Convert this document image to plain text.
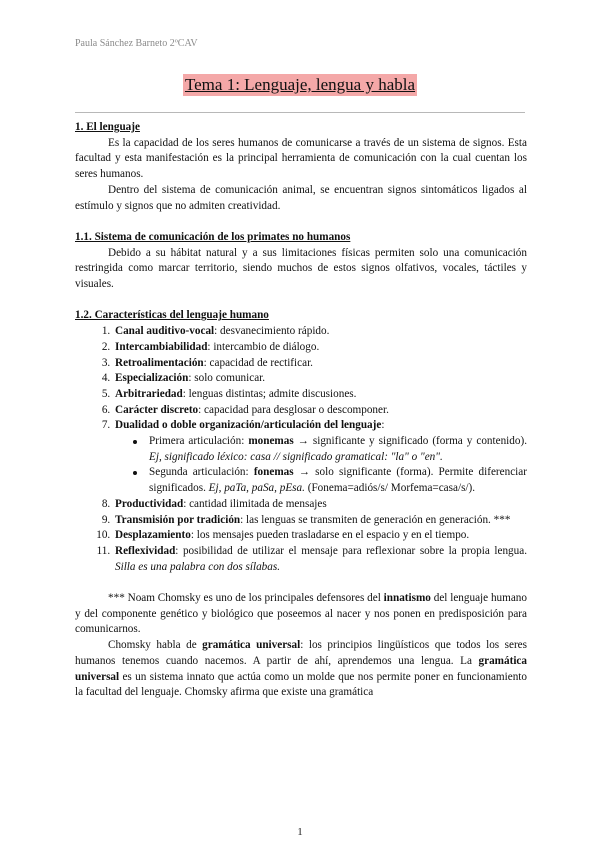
Paula Sánchez Barneto 2ºCAV
Tema 1: Lenguaje, lengua y habla

1. El lenguaje

Es la capacidad de los seres humanos de comunicarse a través de un sistema de signos. Esta facultad y esta manifestación es la principal herramienta de comunicación con la cual cuentan los seres humanos.

Dentro del sistema de comunicación animal, se encuentran signos sintomáticos ligados al estímulo y signos que no admiten creatividad.

1.1. Sistema de comunicación de los primates no humanos

Debido a su hábitat natural y a sus limitaciones físicas permiten solo una comunicación restringida como marcar territorio, siendo muchos de estos signos olfativos, vocales, táctiles y visuales.

1.2. Características del lenguaje humano

1. Canal auditivo-vocal: desvanecimiento rápido.
2. Intercambiabilidad: intercambio de diálogo.
3. Retroalimentación: capacidad de rectificar.
4. Especialización: solo comunicar.
5. Arbitrariedad: lenguas distintas; admite discusiones.
6. Carácter discreto: capacidad para desglosar o descomponer.
7. Dualidad o doble organización/articulación del lenguaje:
Primera articulación: monemas → significante y significado (forma y contenido). Ej, significado léxico: casa // significado gramatical: "la" o "en".
Segunda articulación: fonemas → solo significante (forma). Permite diferenciar significados. Ej, paTa, paSa, pEsa. (Fonema=adiós/s/ Morfema=casa/s/).
8. Productividad: cantidad ilimitada de mensajes
9. Transmisión por tradición: las lenguas se transmiten de generación en generación. ***
10. Desplazamiento: los mensajes pueden trasladarse en el espacio y en el tiempo.
11. Reflexividad: posibilidad de utilizar el mensaje para reflexionar sobre la propia lengua. Silla es una palabra con dos sílabas.

*** Noam Chomsky es uno de los principales defensores del innatismo del lenguaje humano y del componente genético y biológico que poseemos al nacer y nos ponen en predisposición para comunicarnos.

Chomsky habla de gramática universal: los principios lingüísticos que todos los seres humanos tenemos cuando nacemos. A partir de ahí, aprendemos una lengua. La gramática universal es un sistema innato que actúa como un molde que nos permite poner en funcionamiento la facultad del lenguaje. Chomsky afirma que existe una gramática

1
